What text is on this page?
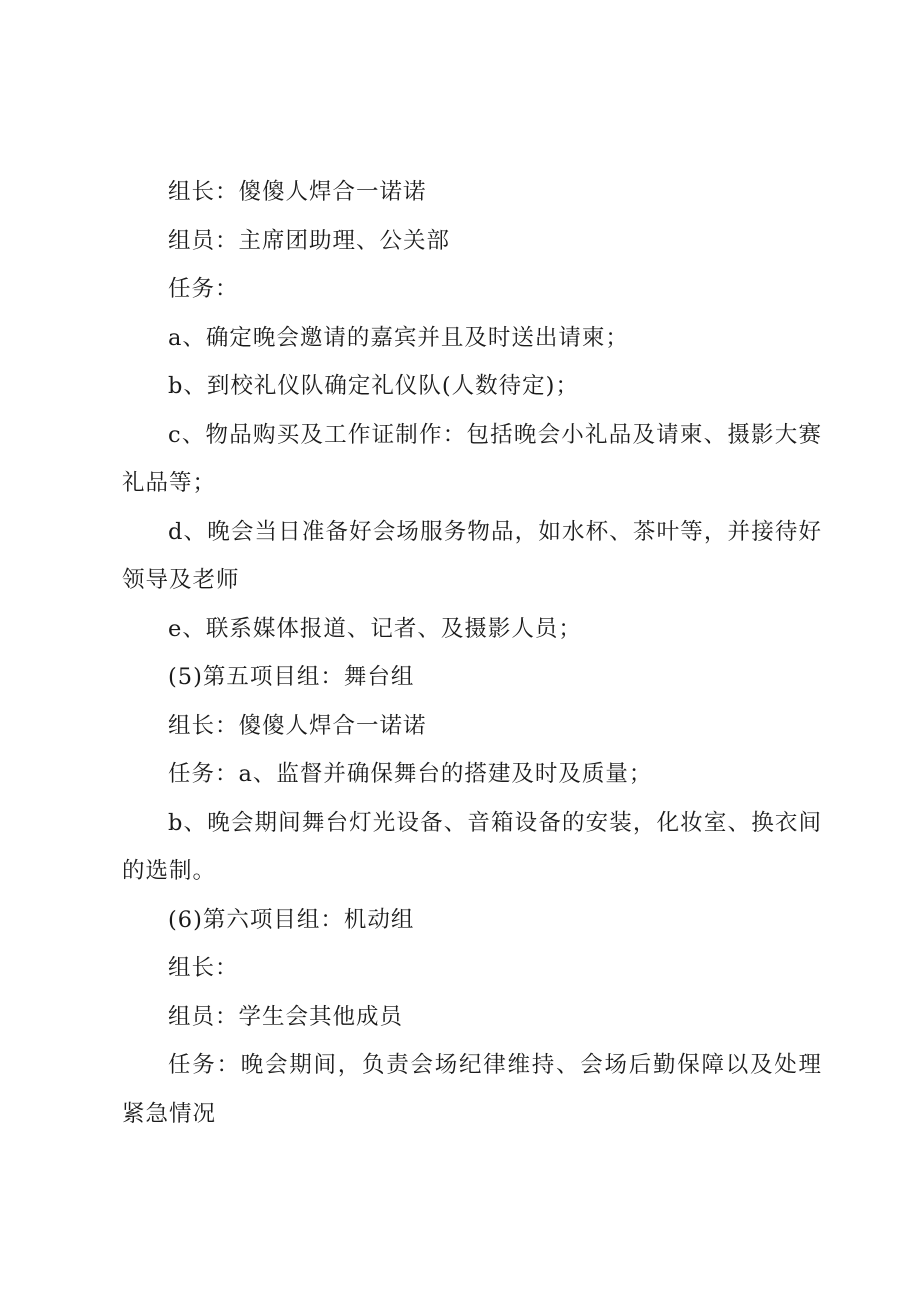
组长：傻傻人焊合一诺诺

组员：主席团助理、公关部

任务：

a、确定晚会邀请的嘉宾并且及时送出请柬；

b、到校礼仪队确定礼仪队(人数待定)；

c、物品购买及工作证制作：包括晚会小礼品及请柬、摄影大赛礼品等；

d、晚会当日准备好会场服务物品，如水杯、茶叶等，并接待好领导及老师

e、联系媒体报道、记者、及摄影人员；

(5)第五项目组：舞台组

组长：傻傻人焊合一诺诺

任务：a、监督并确保舞台的搭建及时及质量；

b、晚会期间舞台灯光设备、音箱设备的安装，化妆室、换衣间的选制。

(6)第六项目组：机动组

组长：

组员：学生会其他成员

任务：晚会期间，负责会场纪律维持、会场后勤保障以及处理紧急情况
